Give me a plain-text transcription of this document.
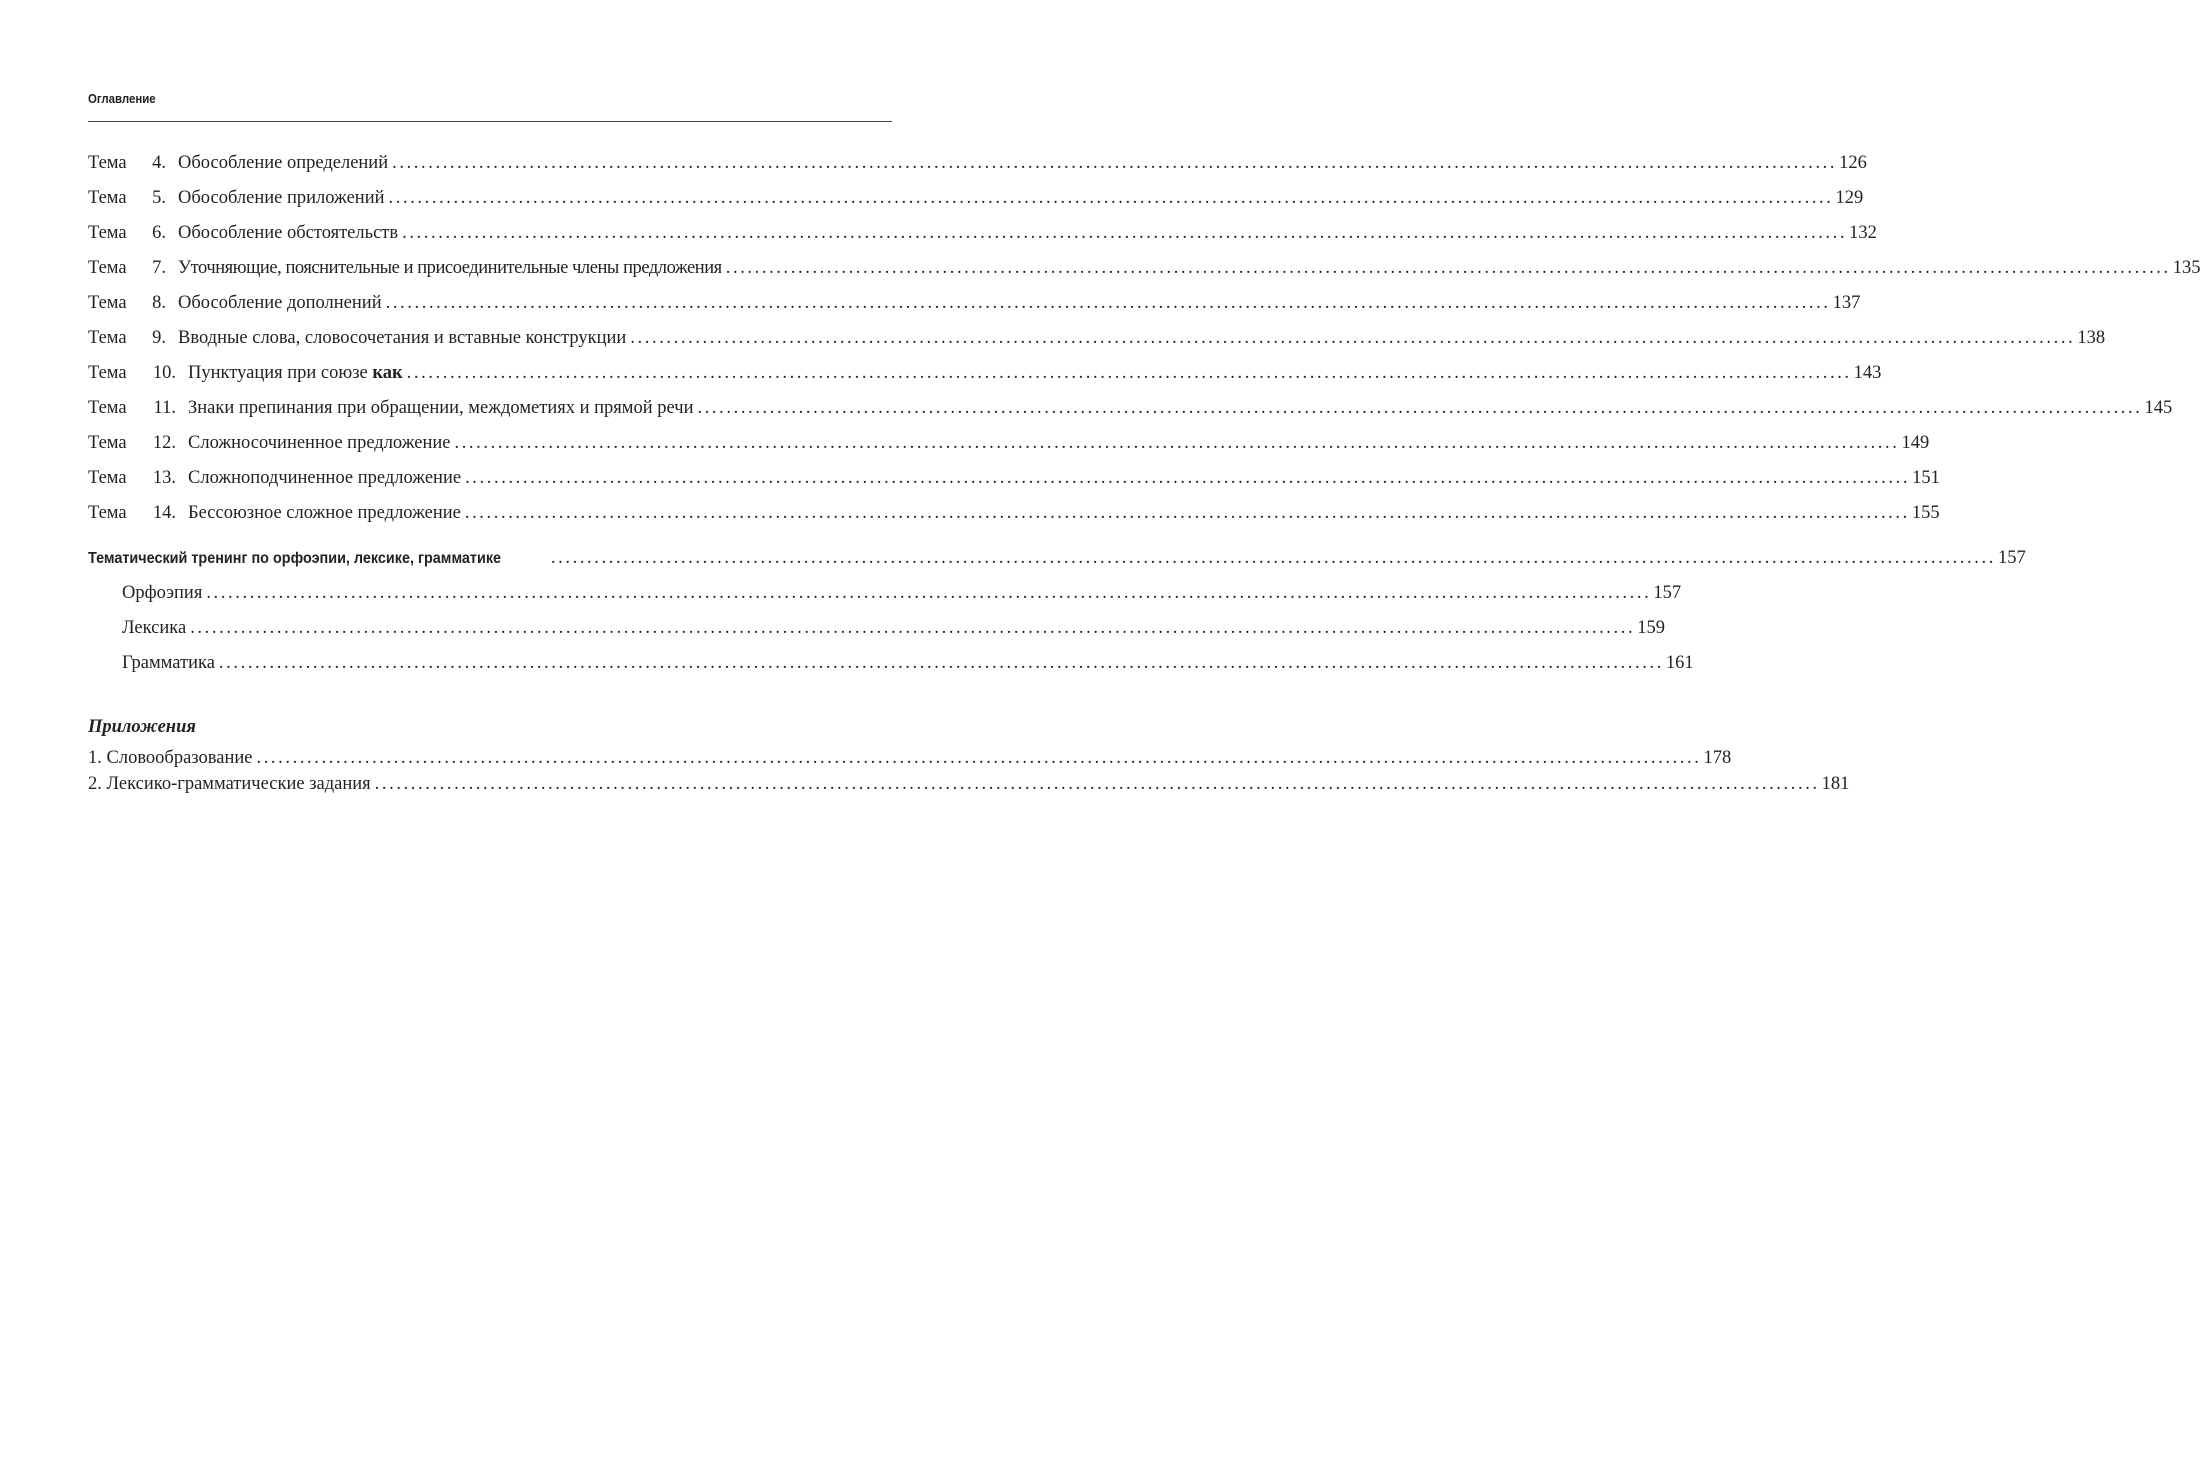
Оглавление
Тема 4. Обособление определений ........................................................................................................................................................................................................ 126
Тема 5. Обособление приложений ........................................................................................................................................................................................................ 129
Тема 6. Обособление обстоятельств ........................................................................................................................................................................................................ 132
Тема 7. Уточняющие, пояснительные и присоединительные члены предложения ........................................................................................................................................................................................................ 135
Тема 8. Обособление дополнений ........................................................................................................................................................................................................ 137
Тема 9. Вводные слова, словосочетания и вставные конструкции ........................................................................................................................................................................................................ 138
Тема 10. Пунктуация при союзе как ........................................................................................................................................................................................................ 143
Тема 11. Знаки препинания при обращении, междометиях и прямой речи ........................................................................................................................................................................................................ 145
Тема 12. Сложносочиненное предложение ........................................................................................................................................................................................................ 149
Тема 13. Сложноподчиненное предложение ........................................................................................................................................................................................................ 151
Тема 14. Бессоюзное сложное предложение ........................................................................................................................................................................................................ 155
Тематический тренинг по орфоэпии, лексике, грамматике	........................................................................................................................................................................................................ 157
Орфоэпия ........................................................................................................................................................................................................ 157
Лексика ........................................................................................................................................................................................................ 159
Грамматика ........................................................................................................................................................................................................ 161
Приложения
1. Словообразование ........................................................................................................................................................................................................ 178
2. Лексико-грамматические задания ........................................................................................................................................................................................................ 181
